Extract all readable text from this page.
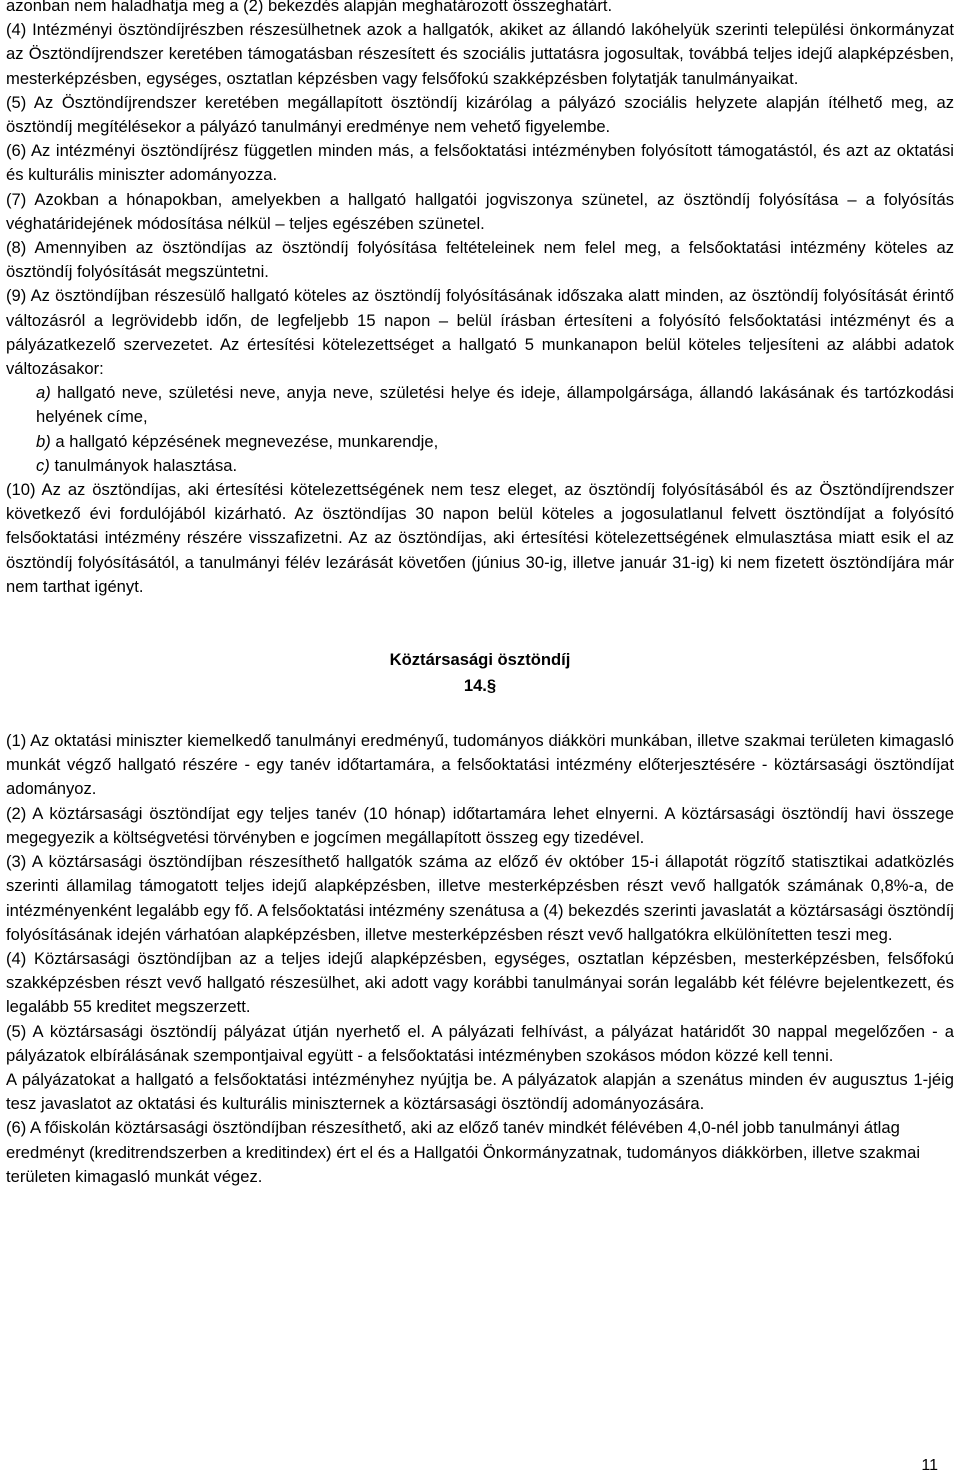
azonban nem haladhatja meg a (2) bekezdés alapján meghatározott összeghatárt.

(4) Intézményi ösztöndíjrészben részesülhetnek azok a hallgatók, akiket az állandó lakóhelyük szerinti települési önkormányzat az Ösztöndíjrendszer keretében támogatásban részesített és szociális juttatásra jogosultak, továbbá teljes idejű alapképzésben, mesterképzésben, egységes, osztatlan képzésben vagy felsőfokú szakképzésben folytatják tanulmányaikat.

(5) Az Ösztöndíjrendszer keretében megállapított ösztöndíj kizárólag a pályázó szociális helyzete alapján ítélhető meg, az ösztöndíj megítélésekor a pályázó tanulmányi eredménye nem vehető figyelembe.

(6) Az intézményi ösztöndíjrész független minden más, a felsőoktatási intézményben folyósított támogatástól, és azt az oktatási és kulturális miniszter adományozza.

(7) Azokban a hónapokban, amelyekben a hallgató hallgatói jogviszonya szünetel, az ösztöndíj folyósítása – a folyósítás véghatáridejének módosítása nélkül – teljes egészében szünetel.

(8) Amennyiben az ösztöndíjas az ösztöndíj folyósítása feltételeinek nem felel meg, a felsőoktatási intézmény köteles az ösztöndíj folyósítását megszüntetni.

(9) Az ösztöndíjban részesülő hallgató köteles az ösztöndíj folyósításának időszaka alatt minden, az ösztöndíj folyósítását érintő változásról a legrövidebb időn, de legfeljebb 15 napon – belül írásban értesíteni a folyósító felsőoktatási intézményt és a pályázatkezelő szervezetet. Az értesítési kötelezettséget a hallgató 5 munkanapon belül köteles teljesíteni az alábbi adatok változásakor:

a) hallgató neve, születési neve, anyja neve, születési helye és ideje, állampolgársága, állandó lakásának és tartózkodási helyének címe,

b) a hallgató képzésének megnevezése, munkarendje,

c) tanulmányok halasztása.

(10) Az az ösztöndíjas, aki értesítési kötelezettségének nem tesz eleget, az ösztöndíj folyósításából és az Ösztöndíjrendszer következő évi fordulójából kizárható. Az ösztöndíjas 30 napon belül köteles a jogosulatlanul felvett ösztöndíjat a folyósító felsőoktatási intézmény részére visszafizetni. Az az ösztöndíjas, aki értesítési kötelezettségének elmulasztása miatt esik el az ösztöndíj folyósításától, a tanulmányi félév lezárását követően (június 30-ig, illetve január 31-ig) ki nem fizetett ösztöndíjára már nem tarthat igényt.

Köztársasági ösztöndíj

14.§

(1) Az oktatási miniszter kiemelkedő tanulmányi eredményű, tudományos diákköri munkában, illetve szakmai területen kimagasló munkát végző hallgató részére - egy tanév időtartamára, a felsőoktatási intézmény előterjesztésére - köztársasági ösztöndíjat adományoz.

(2) A köztársasági ösztöndíjat egy teljes tanév (10 hónap) időtartamára lehet elnyerni. A köztársasági ösztöndíj havi összege megegyezik a költségvetési törvényben e jogcímen megállapított összeg egy tizedével.

(3) A köztársasági ösztöndíjban részesíthető hallgatók száma az előző év október 15-i állapotát rögzítő statisztikai adatközlés szerinti államilag támogatott teljes idejű alapképzésben, illetve mesterképzésben részt vevő hallgatók számának 0,8%-a, de intézményenként legalább egy fő. A felsőoktatási intézmény szenátusa a (4) bekezdés szerinti javaslatát a köztársasági ösztöndíj folyósításának idején várhatóan alapképzésben, illetve mesterképzésben részt vevő hallgatókra elkülönítetten teszi meg.

(4) Köztársasági ösztöndíjban az a teljes idejű alapképzésben, egységes, osztatlan képzésben, mesterképzésben, felsőfokú szakképzésben részt vevő hallgató részesülhet, aki adott vagy korábbi tanulmányai során legalább két félévre bejelentkezett, és legalább 55 kreditet megszerzett.

(5) A köztársasági ösztöndíj pályázat útján nyerhető el. A pályázati felhívást, a pályázat határidőt 30 nappal megelőzően - a pályázatok elbírálásának szempontjaival együtt - a felsőoktatási intézményben szokásos módon közzé kell tenni.

A pályázatokat a hallgató a felsőoktatási intézményhez nyújtja be. A pályázatok alapján a szenátus minden év augusztus 1-jéig tesz javaslatot az oktatási és kulturális miniszternek a köztársasági ösztöndíj adományozására.

(6) A főiskolán köztársasági ösztöndíjban részesíthető, aki az előző tanév mindkét félévében 4,0-nél jobb tanulmányi átlag eredményt (kreditrendszerben a kreditindex) ért el és a Hallgatói Önkormányzatnak, tudományos diákkörben, illetve szakmai területen kimagasló munkát végez.

11
